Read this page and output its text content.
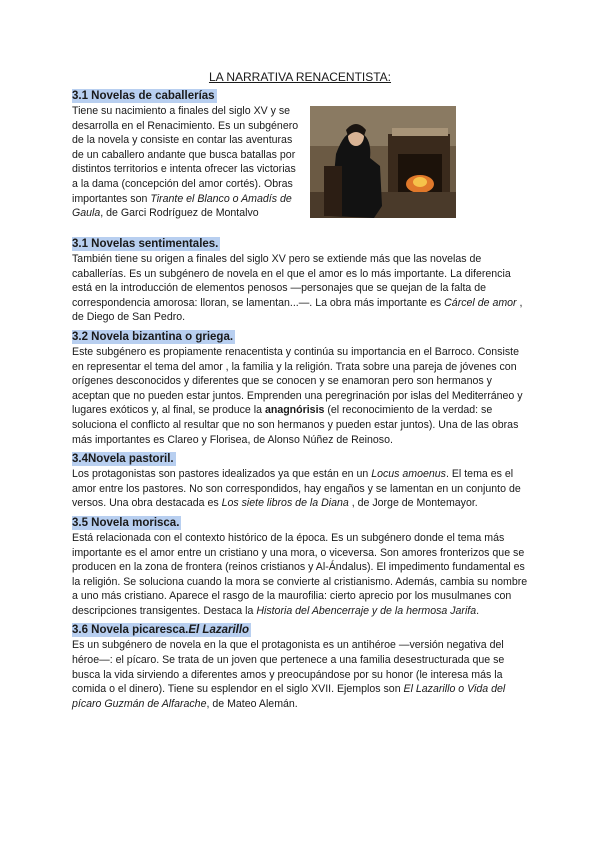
LA NARRATIVA RENACENTISTA:
3.1 Novelas de caballerías

Tiene su nacimiento a finales del siglo XV y se desarrolla en el Renacimiento. Es un subgénero de la novela y consiste en contar las aventuras de un caballero andante que busca batallas por distintos territorios e intenta ofrecer las victorias a la dama (concepción del amor cortés). Obras importantes son Tirante el Blanco o Amadís de Gaula, de Garci Rodríguez de Montalvo

3.1 Novelas sentimentales.

También tiene su origen a finales del siglo XV pero se extiende más que las novelas de caballerías. Es un subgénero de novela en el que el amor es lo más importante. La diferencia está en la introducción de elementos penosos —personajes que se quejan de la falta de correspondencia amorosa: lloran, se lamentan...—. La obra más importante es Cárcel de amor , de Diego de San Pedro.

3.2 Novela bizantina o griega.

Este subgénero es propiamente renacentista y continúa su importancia en el Barroco. Consiste en representar el tema del amor , la familia y la religión. Trata sobre una pareja de jóvenes con orígenes desconocidos y diferentes que se conocen y se enamoran pero son hermanos y aceptan que no pueden estar juntos. Emprenden una peregrinación por islas del Mediterráneo y lugares exóticos y, al final, se produce la anagnórisis (el reconocimiento de la verdad: se soluciona el conflicto al resultar que no son hermanos y pueden estar juntos). Una de las obras más importantes es Clareo y Florisea, de Alonso Núñez de Reinoso.

3.4Novela pastoril.

Los protagonistas son pastores idealizados ya que están en un Locus amoenus. El tema es el amor entre los pastores. No son correspondidos, hay engaños y se lamentan en un conjunto de versos. Una obra destacada es Los siete libros de la Diana , de Jorge de Montemayor.

3.5 Novela morisca.

Está relacionada con el contexto histórico de la época. Es un subgénero donde el tema más importante es el amor entre un cristiano y una mora, o viceversa. Son amores fronterizos que se producen en la zona de frontera (reinos cristianos y Al-Ándalus). El impedimento fundamental es la religión. Se soluciona cuando la mora se convierte al cristianismo. Además, cambia su nombre a uno más cristiano. Aparece el rasgo de la maurofilia: cierto aprecio por los musulmanes con descripciones transigentes. Destaca la Historia del Abencerraje y de la hermosa Jarifa.

3.6 Novela picaresca.El Lazarillo

Es un subgénero de novela en la que el protagonista es un antihéroe —versión negativa del héroe—: el pícaro. Se trata de un joven que pertenece a una familia desestructurada que se busca la vida sirviendo a diferentes amos y preocupándose por su honor (le interesa más la comida o el dinero). Tiene su esplendor en el siglo XVII. Ejemplos son El Lazarillo o Vida del pícaro Guzmán de Alfarache, de Mateo Alemán.
